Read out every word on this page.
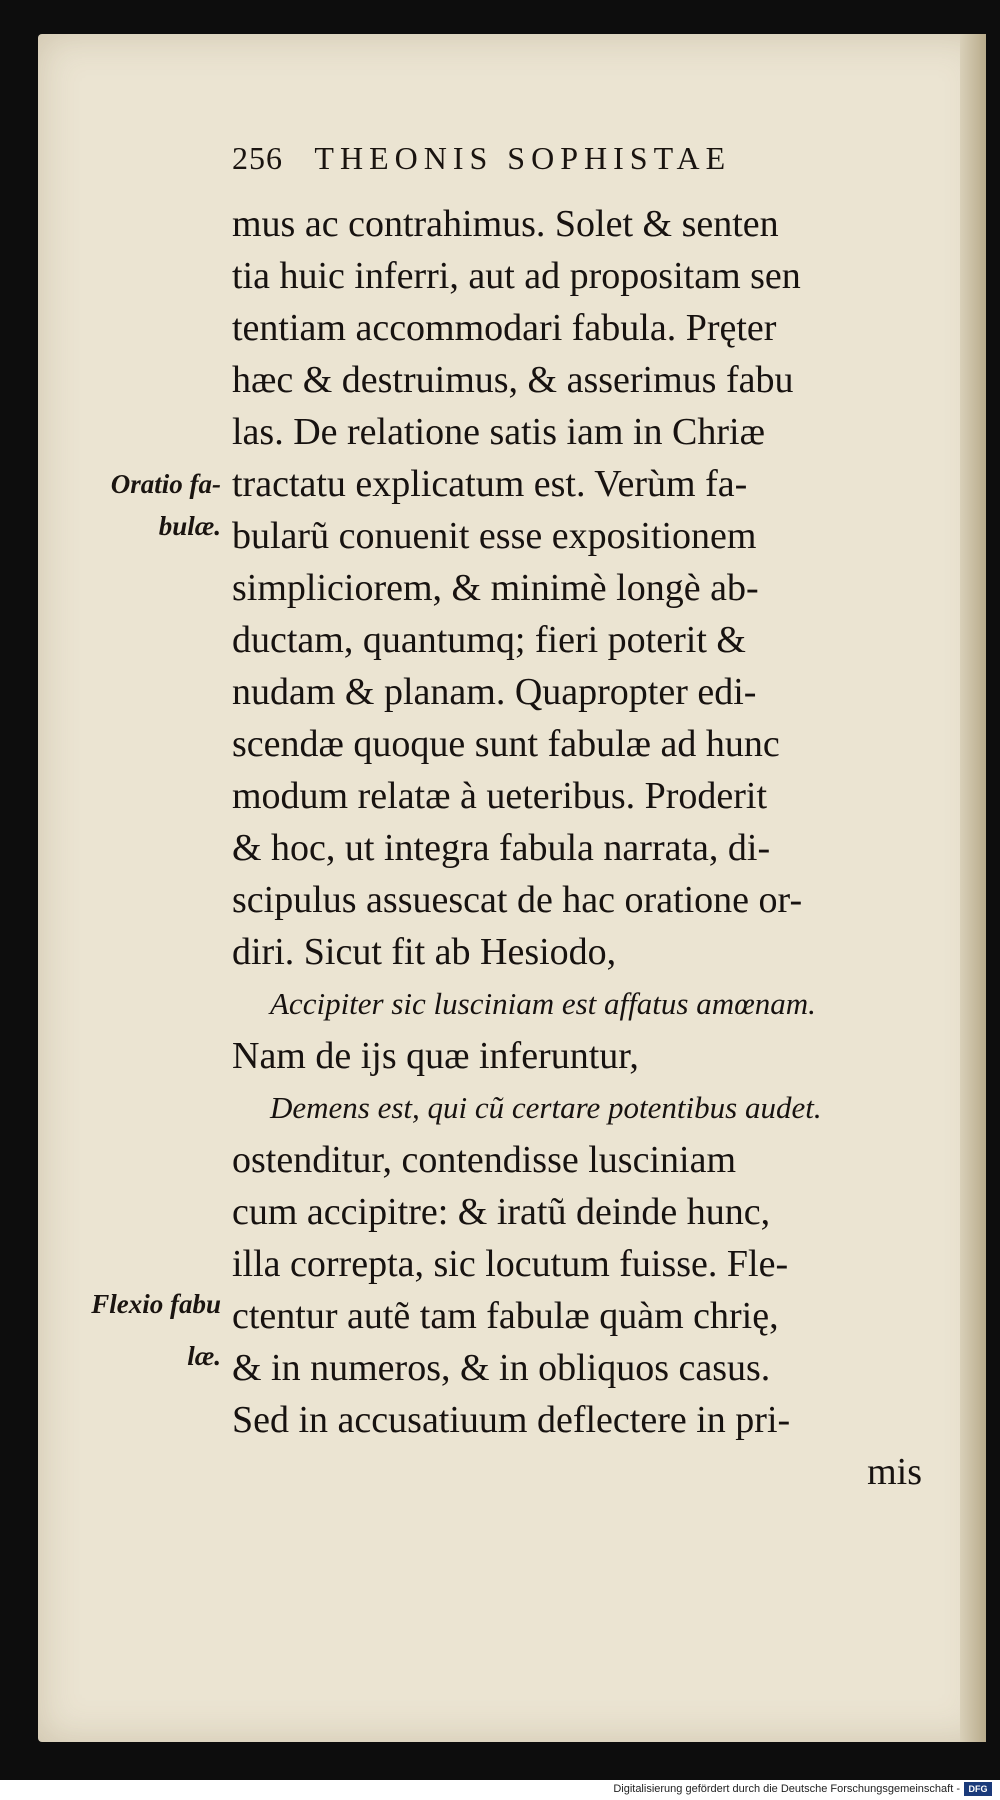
256 THEONIS SOPHISTAE
Oratio fa-
bulæ.
Flexio fabu
læ.
mus ac contrahimus. Solet & senten
tia huic inferri, aut ad propositam sen
tentiam accommodari fabula. Pręter
hæc & destruimus, & asserimus fabu
las. De relatione satis iam in Chriæ
tractatu explicatum est. Verùm fa-
bularũ conuenit esse expositionem
simpliciorem, & minimè longè ab-
ductam, quantumq; fieri poterit &
nudam & planam. Quapropter edi-
scendæ quoque sunt fabulæ ad hunc
modum relatæ à ueteribus. Proderit
& hoc, ut integra fabula narrata, di-
scipulus assuescat de hac oratione or-
diri. Sicut fit ab Hesiodo,
Accipiter sic lusciniam est affatus amœnam.
Nam de ijs quæ inferuntur,
Demens est, qui cũ certare potentibus audet.
ostenditur, contendisse lusciniam
cum accipitre: & iratũ deinde hunc,
illa correpta, sic locutum fuisse. Fle-
ctentur autẽ tam fabulæ quàm chrię,
& in numeros, & in obliquos casus.
Sed in accusatiuum deflectere in pri-
mis
Digitalisierung gefördert durch die Deutsche Forschungsgemeinschaft - DFG
